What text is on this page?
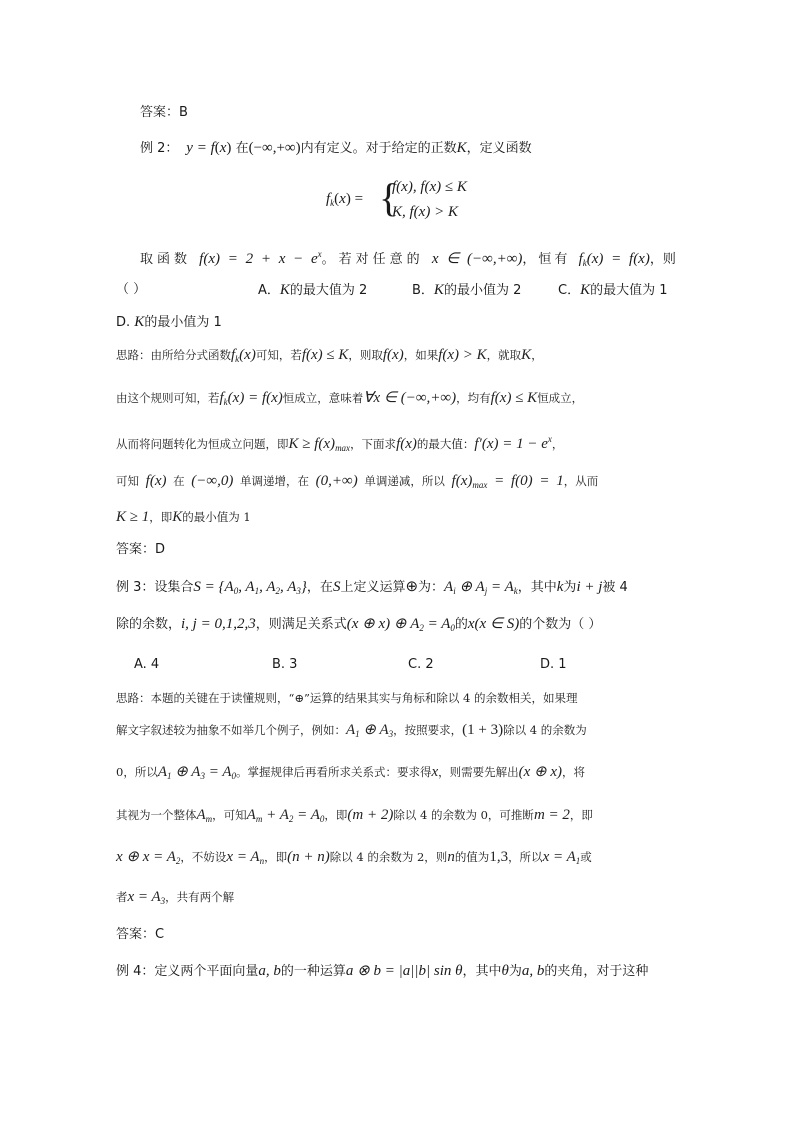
答案：B
例 2：  y = f(x) 在(−∞,+∞)内有定义。对于给定的正数K，定义函数
$f_k(x)$ = {
f(x), f(x) ≤ K
K, f(x) > K
取函数 $f(x) = 2 + x - e^x$。若对任意的 x ∈ (−∞,+∞)，恒有 $f_k(x) = f(x)$，则
（ ）	A．K的最大值为 2	B．K的最小值为 2	C．K的最大值为 1
D. K的最小值为 1
思路：由所给分式函数$f_k(x)$可知，若f(x) ≤ K，则取f(x)，如果f(x) > K，就取K，
由这个规则可知，若$f_k(x) = f(x)$恒成立，意味着∀x ∈ (−∞,+∞)，均有f(x) ≤ K恒成立，
从而将问题转化为恒成立问题，即$K \ge f(x)_{max}$，下面求f(x)的最大值：$f'(x) = 1 - e^x$，
可知 f(x) 在 (−∞,0) 单调递增，在 (0,+∞) 单调递减，所以 $f(x)_{max} = f(0) = 1$，从而
K ≥ 1，即K的最小值为 1
答案：D
例 3：设集合$S = \{A_0$, $A_1$, $A_2$, $A_3$}，在S上定义运算⊕为：$A_i$ ⊕ $A_j = A_k$，其中k为i + j被 4
除的余数，i, j = 0,1,2,3，则满足关系式(x ⊕ x) ⊕ $A_2 = A_0$的x(x ∈ S)的个数为（ ）
A. 4	B. 3	C. 2	D. 1
思路：本题的关键在于读懂规则，“⊕”运算的结果其实与角标和除以 4 的余数相关，如果理
解文字叙述较为抽象不如举几个例子，例如：$A_1$ ⊕ $A_3$，按照要求，(1 + 3)除以 4 的余数为
0，所以$A_1$ ⊕ $A_3 = A_0$。掌握规律后再看所求关系式：要求得x，则需要先解出(x ⊕ x)，将
其视为一个整体$A_m$，可知$A_m + A_2 = A_0$，即(m + 2)除以 4 的余数为 0，可推断m = 2，即
x ⊕ $x = A_2$，不妨设$x = A_n$，即(n + n)除以 4 的余数为 2，则n的值为1,3，所以$x = A_1$或
者$x = A_3$，共有两个解
答案：C
例 4：定义两个平面向量a, b的一种运算a ⊗ b = |a||b| sin θ，其中θ为a, b的夹角，对于这种
